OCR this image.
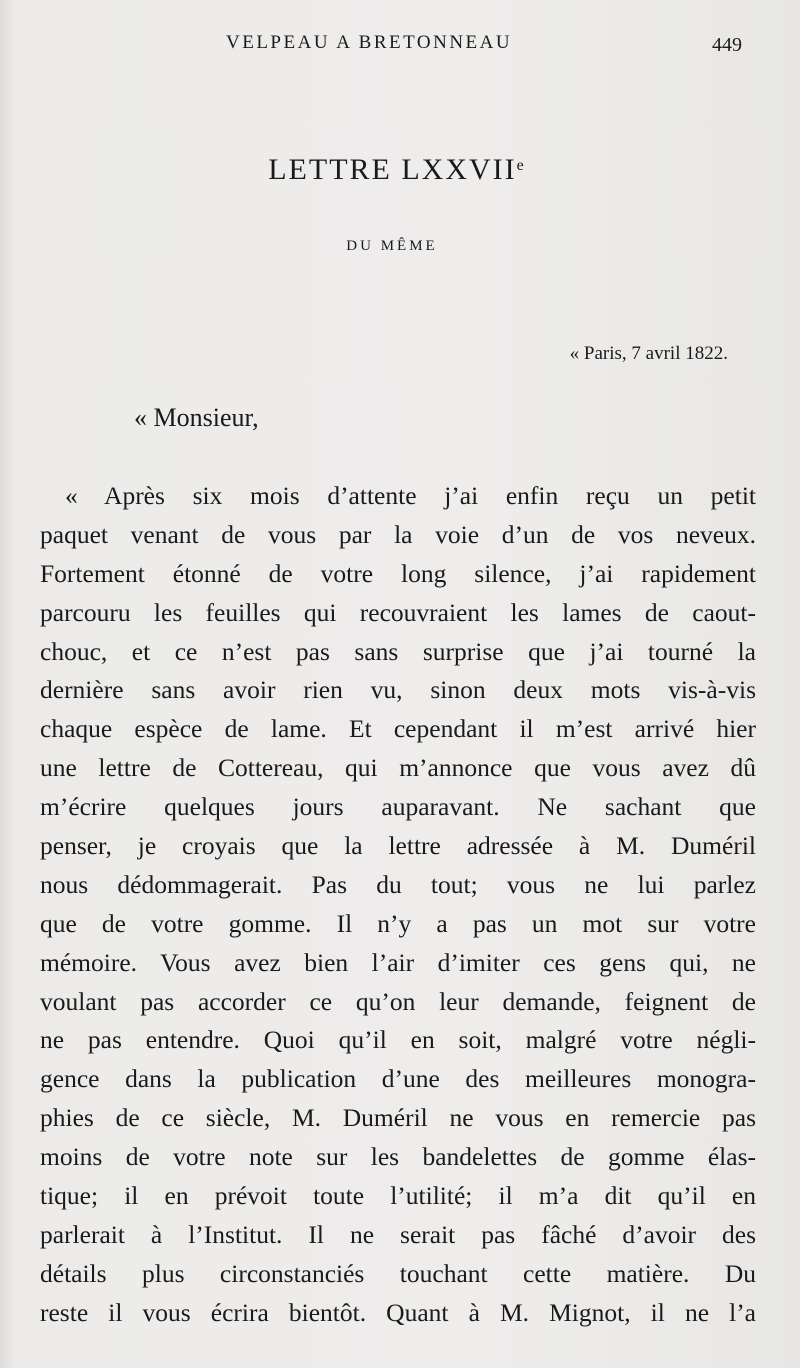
VELPEAU A BRETONNEAU	449
LETTRE LXXVIIe
DU MÊME
« Paris, 7 avril 1822.
« Monsieur,
« Après six mois d’attente j’ai enfin reçu un petit
paquet venant de vous par la voie d’un de vos neveux.
Fortement étonné de votre long silence, j’ai rapidement
parcouru les feuilles qui recouvraient les lames de caout-
chouc, et ce n’est pas sans surprise que j’ai tourné la
dernière sans avoir rien vu, sinon deux mots vis-à-vis
chaque espèce de lame. Et cependant il m’est arrivé hier
une lettre de Cottereau, qui m’annonce que vous avez dû
m’écrire quelques jours auparavant. Ne sachant que
penser, je croyais que la lettre adressée à M. Duméril
nous dédommagerait. Pas du tout; vous ne lui parlez
que de votre gomme. Il n’y a pas un mot sur votre
mémoire. Vous avez bien l’air d’imiter ces gens qui, ne
voulant pas accorder ce qu’on leur demande, feignent de
ne pas entendre. Quoi qu’il en soit, malgré votre négli-
gence dans la publication d’une des meilleures monogra-
phies de ce siècle, M. Duméril ne vous en remercie pas
moins de votre note sur les bandelettes de gomme élas-
tique; il en prévoit toute l’utilité; il m’a dit qu’il en
parlerait à l’Institut. Il ne serait pas fâché d’avoir des
détails plus circonstanciés touchant cette matière. Du
reste il vous écrira bientôt. Quant à M. Mignot, il ne l’a
